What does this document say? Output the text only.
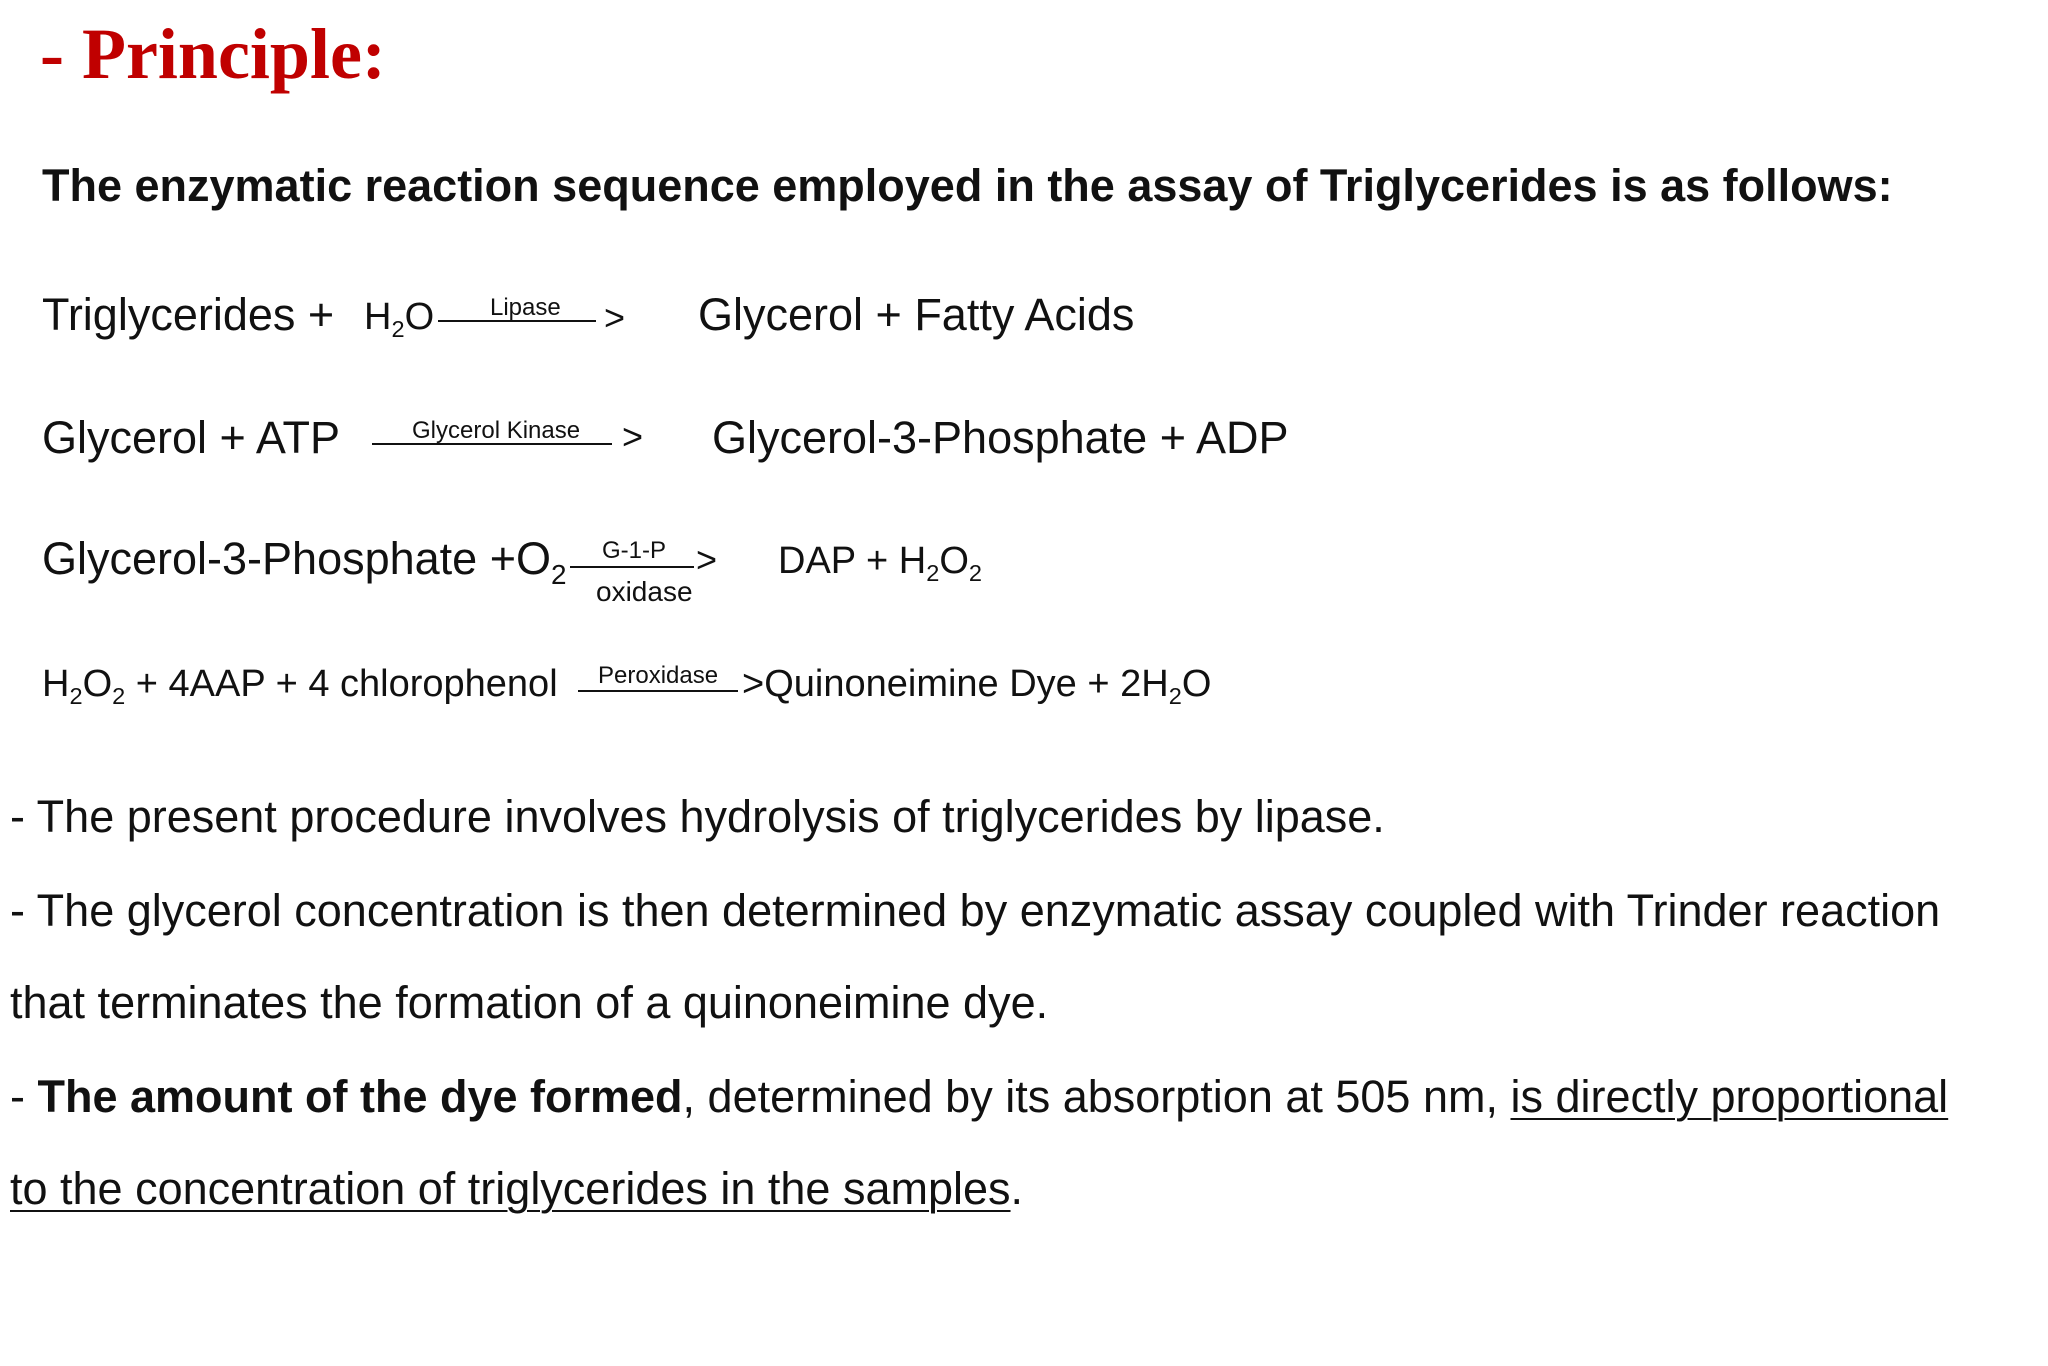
- Principle:
The enzymatic reaction sequence employed in the assay of Triglycerides is as follows:
Triglycerides + $H_2O$ Lipase > Glycerol + Fatty Acids
Glycerol + ATP	Glycerol Kinase > Glycerol-3-Phosphate + ADP
Glycerol-3-Phosphate $+O_2$
G-1-P >
oxidase
DAP + $H_2O_2$
$H_2O_2 + 4AAP + 4$ chlorophenol Peroxidase >Quinoneimine Dye + $2H_2O$
- The present procedure involves hydrolysis of triglycerides by lipase.
- The glycerol concentration is then determined by enzymatic assay coupled with Trinder reaction
that terminates the formation of a quinoneimine dye.
- The amount of the dye formed, determined by its absorption at 505 nm, is directly proportional
to the concentration of triglycerides in the samples.
